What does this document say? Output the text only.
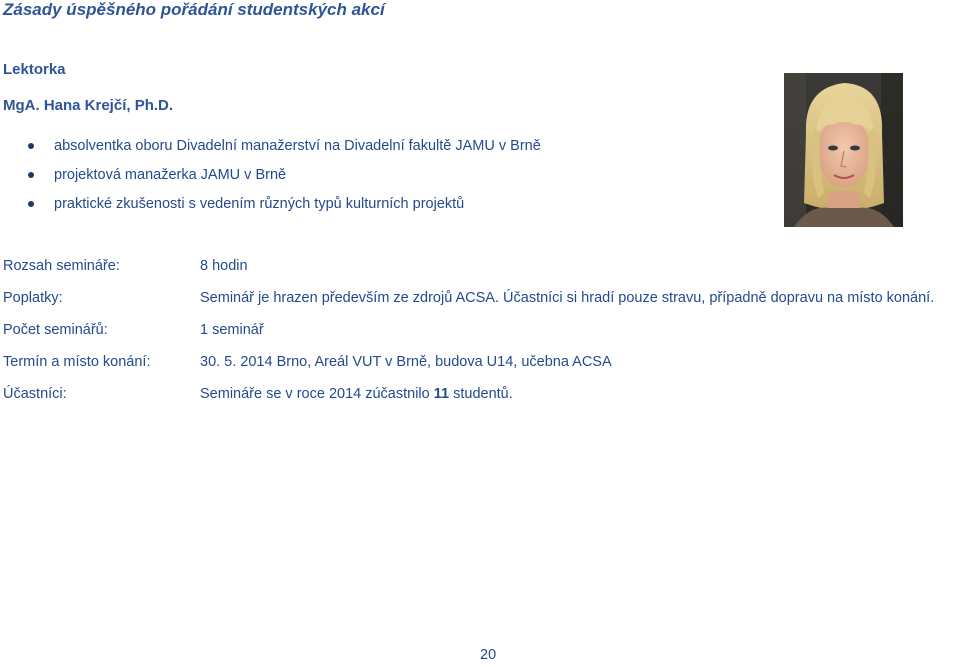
Zásady úspěšného pořádání studentských akcí
Lektorka
MgA. Hana Krejčí, Ph.D.
absolventka oboru Divadelní manažerství na Divadelní fakultě JAMU v Brně
projektová manažerka JAMU v Brně
praktické zkušenosti s vedením různých typů kulturních projektů
Rozsah semináře:	8 hodin
Poplatky:	Seminář je hrazen především ze zdrojů ACSA. Účastníci si hradí pouze stravu, případně dopravu na místo konání.
Počet seminářů:	1 seminář
Termín a místo konání:	30. 5. 2014 Brno, Areál VUT v Brně, budova U14, učebna ACSA
Účastníci:	Semináře se v roce 2014 zúčastnilo 11 studentů.
20
